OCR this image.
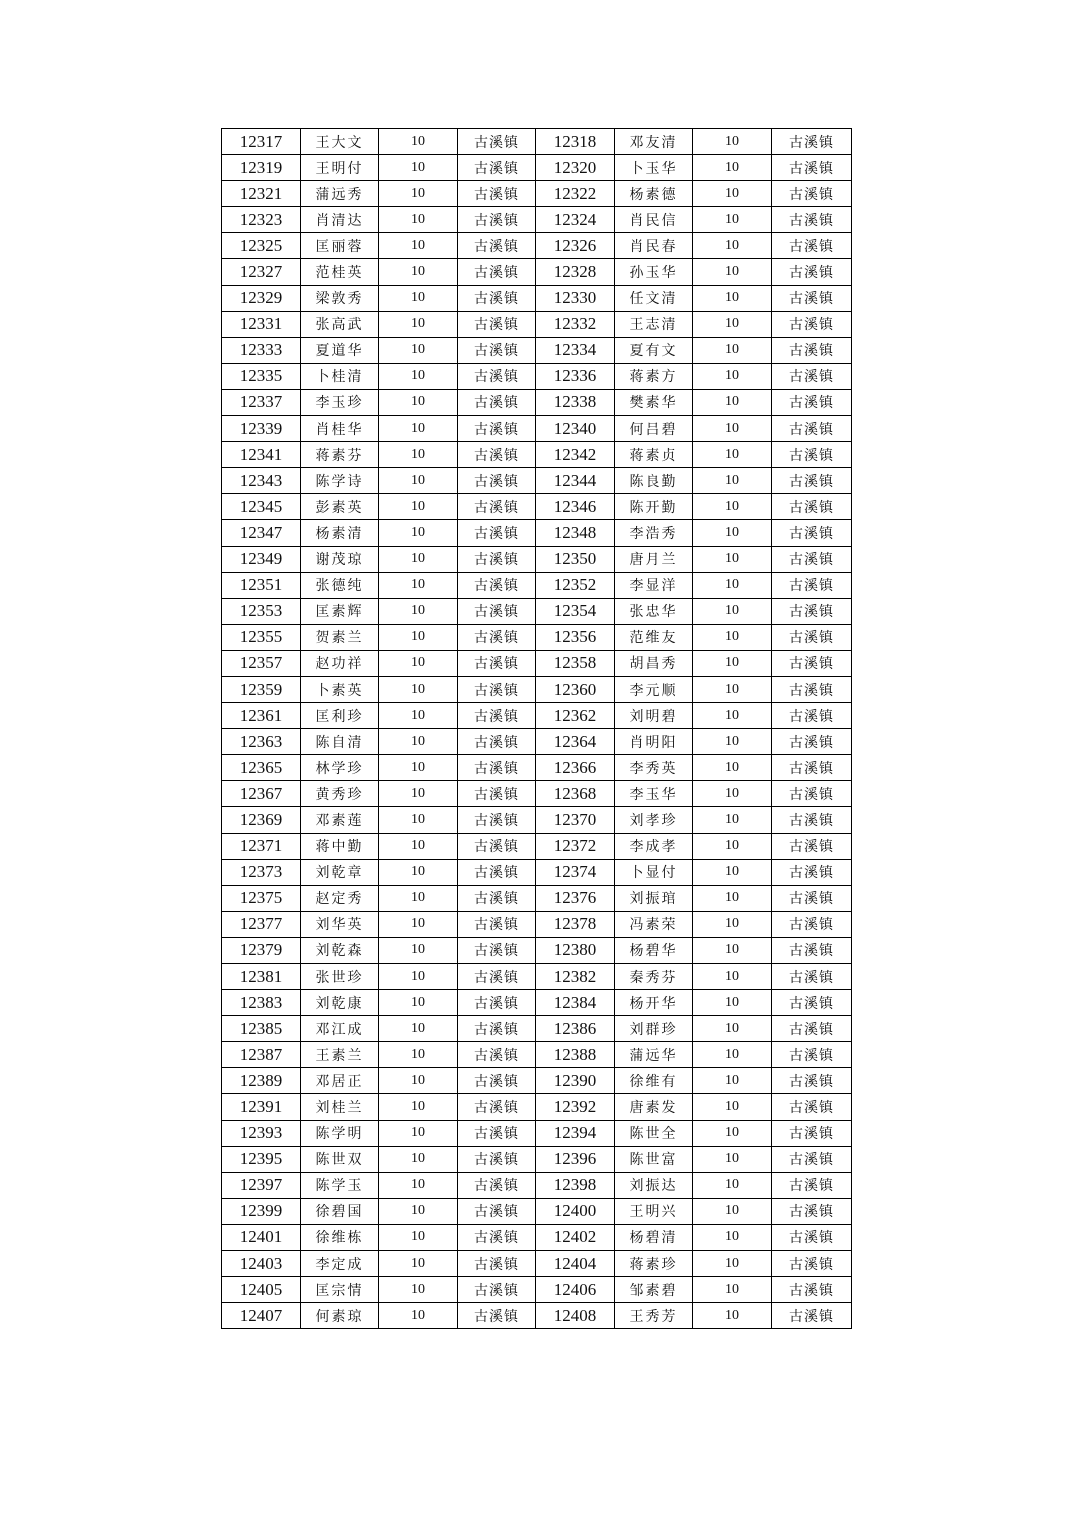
12317	王大文	10	古溪镇	12318	邓友清	10	古溪镇
12319	王明付	10	古溪镇	12320	卜玉华	10	古溪镇
12321	蒲远秀	10	古溪镇	12322	杨素德	10	古溪镇
12323	肖清达	10	古溪镇	12324	肖民信	10	古溪镇
12325	匡丽蓉	10	古溪镇	12326	肖民春	10	古溪镇
12327	范桂英	10	古溪镇	12328	孙玉华	10	古溪镇
12329	梁敦秀	10	古溪镇	12330	任文清	10	古溪镇
12331	张高武	10	古溪镇	12332	王志清	10	古溪镇
12333	夏道华	10	古溪镇	12334	夏有文	10	古溪镇
12335	卜桂清	10	古溪镇	12336	蒋素方	10	古溪镇
12337	李玉珍	10	古溪镇	12338	樊素华	10	古溪镇
12339	肖桂华	10	古溪镇	12340	何吕碧	10	古溪镇
12341	蒋素芬	10	古溪镇	12342	蒋素贞	10	古溪镇
12343	陈学诗	10	古溪镇	12344	陈良勤	10	古溪镇
12345	彭素英	10	古溪镇	12346	陈开勤	10	古溪镇
12347	杨素清	10	古溪镇	12348	李浩秀	10	古溪镇
12349	谢茂琼	10	古溪镇	12350	唐月兰	10	古溪镇
12351	张德纯	10	古溪镇	12352	李显洋	10	古溪镇
12353	匡素辉	10	古溪镇	12354	张忠华	10	古溪镇
12355	贺素兰	10	古溪镇	12356	范维友	10	古溪镇
12357	赵功祥	10	古溪镇	12358	胡昌秀	10	古溪镇
12359	卜素英	10	古溪镇	12360	李元顺	10	古溪镇
12361	匡利珍	10	古溪镇	12362	刘明碧	10	古溪镇
12363	陈自清	10	古溪镇	12364	肖明阳	10	古溪镇
12365	林学珍	10	古溪镇	12366	李秀英	10	古溪镇
12367	黄秀珍	10	古溪镇	12368	李玉华	10	古溪镇
12369	邓素莲	10	古溪镇	12370	刘孝珍	10	古溪镇
12371	蒋中勤	10	古溪镇	12372	李成孝	10	古溪镇
12373	刘乾章	10	古溪镇	12374	卜显付	10	古溪镇
12375	赵定秀	10	古溪镇	12376	刘振琯	10	古溪镇
12377	刘华英	10	古溪镇	12378	冯素荣	10	古溪镇
12379	刘乾森	10	古溪镇	12380	杨碧华	10	古溪镇
12381	张世珍	10	古溪镇	12382	秦秀芬	10	古溪镇
12383	刘乾康	10	古溪镇	12384	杨开华	10	古溪镇
12385	邓江成	10	古溪镇	12386	刘群珍	10	古溪镇
12387	王素兰	10	古溪镇	12388	蒲远华	10	古溪镇
12389	邓居正	10	古溪镇	12390	徐维有	10	古溪镇
12391	刘桂兰	10	古溪镇	12392	唐素发	10	古溪镇
12393	陈学明	10	古溪镇	12394	陈世全	10	古溪镇
12395	陈世双	10	古溪镇	12396	陈世富	10	古溪镇
12397	陈学玉	10	古溪镇	12398	刘振达	10	古溪镇
12399	徐碧国	10	古溪镇	12400	王明兴	10	古溪镇
12401	徐维栋	10	古溪镇	12402	杨碧清	10	古溪镇
12403	李定成	10	古溪镇	12404	蒋素珍	10	古溪镇
12405	匡宗情	10	古溪镇	12406	邹素碧	10	古溪镇
12407	何素琼	10	古溪镇	12408	王秀芳	10	古溪镇
